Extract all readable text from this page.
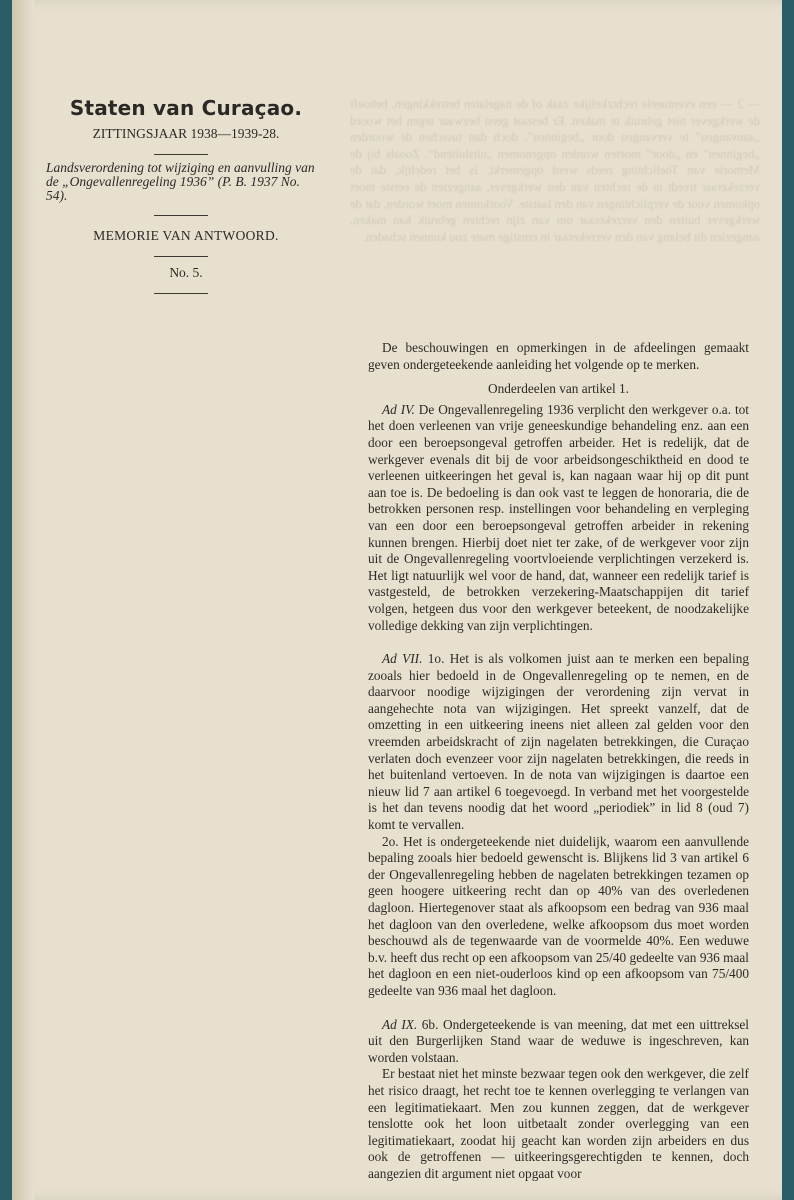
Staten van Curaçao.

ZITTINGSJAAR 1938—1939-28.

Landsverordening tot wijziging en aanvulling van de „Ongevallenregeling 1936” (P. B. 1937 No. 54).

MEMORIE VAN ANTWOORD.

No. 5.

— 2 — een eventueele rechtzkelijke zaak of de nagelaten betrekkingen, behoeft de werkgever niet gebruik te maken. Er bestaat geen bezwaar tegen het woord „aanvangen” te vervangen door „beginnen”, doch dan tusschen de woorden „beginnen” en „door” moeten worden opgenomen „uitsluitend”. Zooals bij de Memorie van Toelichting reeds werd opgemerkt, is het redelijk, dat de verzekeraar treedt in de rechten van den werkgever, aangezien de eerste moet opkomen voor de verplichtingen van den laatste. Voorkomen moet worden, dat de werkgever buiten den verzekeraar om van zijn rechten gebruik kan maken, aangezien dit belang van den verzekeraar in ernstige mate zou kunnen schaden.

De beschouwingen en opmerkingen in de afdeelingen gemaakt geven ondergeteekende aanleiding het volgende op te merken.

Onderdeelen van artikel 1.

Ad IV. De Ongevallenregeling 1936 verplicht den werkgever o.a. tot het doen verleenen van vrije geneeskundige behandeling enz. aan een door een beroepsongeval getroffen arbeider. Het is redelijk, dat de werkgever evenals dit bij de voor arbeidsongeschiktheid en dood te verleenen uitkeeringen het geval is, kan nagaan waar hij op dit punt aan toe is. De bedoeling is dan ook vast te leggen de honoraria, die de betrokken personen resp. instellingen voor behandeling en verpleging van een door een beroepsongeval getroffen arbeider in rekening kunnen brengen. Hierbij doet niet ter zake, of de werkgever voor zijn uit de Ongevallenregeling voortvloeiende verplichtingen verzekerd is. Het ligt natuurlijk wel voor de hand, dat, wanneer een redelijk tarief is vastgesteld, de betrokken verzekering-Maatschappijen dit tarief volgen, hetgeen dus voor den werkgever beteekent, de noodzakelijke volledige dekking van zijn verplichtingen.

Ad VII. 1o. Het is als volkomen juist aan te merken een bepaling zooals hier bedoeld in de Ongevallenregeling op te nemen, en de daarvoor noodige wijzigingen der verordening zijn vervat in aangehechte nota van wijzigingen. Het spreekt vanzelf, dat de omzetting in een uitkeering ineens niet alleen zal gelden voor den vreemden arbeidskracht of zijn nagelaten betrekkingen, die Curaçao verlaten doch evenzeer voor zijn nagelaten betrekkingen, die reeds in het buitenland vertoeven. In de nota van wijzigingen is daartoe een nieuw lid 7 aan artikel 6 toegevoegd. In verband met het voorgestelde is het dan tevens noodig dat het woord „periodiek” in lid 8 (oud 7) komt te vervallen.

2o. Het is ondergeteekende niet duidelijk, waarom een aanvullende bepaling zooals hier bedoeld gewenscht is. Blijkens lid 3 van artikel 6 der Ongevallenregeling hebben de nagelaten betrekkingen tezamen op geen hoogere uitkeering recht dan op 40% van des overledenen dagloon. Hiertegenover staat als afkoopsom een bedrag van 936 maal het dagloon van den overledene, welke afkoopsom dus moet worden beschouwd als de tegenwaarde van de voormelde 40%. Een weduwe b.v. heeft dus recht op een afkoopsom van 25/40 gedeelte van 936 maal het dagloon en een niet-ouderloos kind op een afkoopsom van 75/400 gedeelte van 936 maal het dagloon.

Ad IX. 6b. Ondergeteekende is van meening, dat met een uittreksel uit den Burgerlijken Stand waar de weduwe is ingeschreven, kan worden volstaan.

Er bestaat niet het minste bezwaar tegen ook den werkgever, die zelf het risico draagt, het recht toe te kennen overlegging te verlangen van een legitimatiekaart. Men zou kunnen zeggen, dat de werkgever tenslotte ook het loon uitbetaalt zonder overlegging van een legitimatiekaart, zoodat hij geacht kan worden zijn arbeiders en dus ook de getroffenen — uitkeeringsgerechtigden te kennen, doch aangezien dit argument niet opgaat voor
